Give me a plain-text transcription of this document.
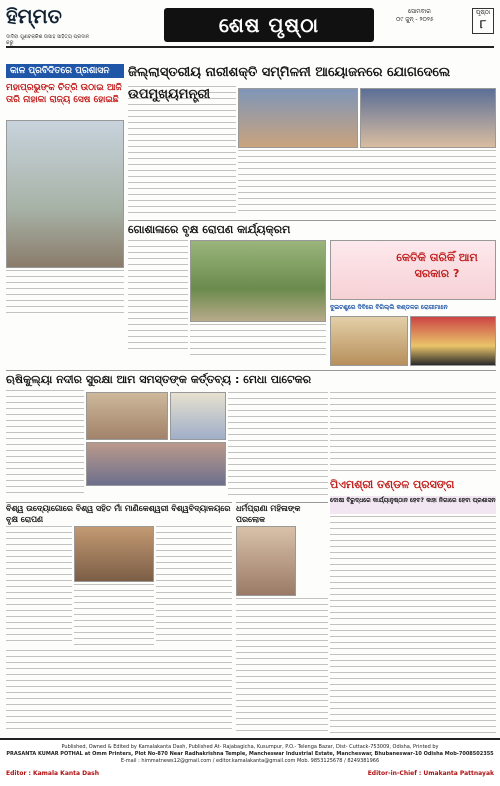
ହିମ୍ମତ
ଦାଦିବା ଗୁଣବକ୍କିଶ ଉସାହ ସାହିତ୍ୟ ପ୍ରଦାନ କରୁ
ଶେଷ ପୃଷ୍ଠା
ସୋମବାର
୦୯ ଜୁନ୍ - ୨୦୨୫
ପୃଷ୍ଠା
୮
କାଳ ପ୍ରବିଦିତରେ ପ୍ରଶାସନ
ମହାପ୍ରଭୁଙ୍କ ଚିତ୍ରି ଉଠାଇ ଆଜି ତାରି ନାହାକା ରାଜ୍ୟ ସେଷ ହୋଇଛି
ଜିଲ୍ଲାସ୍ତରୀୟ ନାରୀଶକ୍ତି ସମ୍ମିଳନୀ ଆୟୋଜନରେ ଯୋଗଦେଲେ ଉପମୁଖ୍ୟମନ୍ତ୍ରୀ
ଗୋଶାଳାରେ ବୃକ୍ଷ ରୋପଣ କାର୍ଯ୍ୟକ୍ରମ
କେତିକି ତାରିକିଁ ଆମ ସରକାର ?
ଦୁଇଟଣ୍ଡ୍ରେ ଦିବିରେ ବିଗିଲ୍ଲି କଣ୍ଡଳର ରୋଗୀମାନେ
ଋଷିକୁଲ୍ୟା ନଦୀର ସୁରକ୍ଷା ଆମ ସମସ୍ତଙ୍କ କର୍ତ୍ତବ୍ୟ : ମେଧା ପାଟେକର
ପିଏମଶ୍ରୀ ତଣ୍ଡଳ ପ୍ରସଙ୍ଗ
ଦୋଷୀ ବିରୁଦ୍ଧରେ କାର୍ଯ୍ୟାନୁଷ୍ଠାନ ହେବ? କାହା ନିଗାରେ ହେବା ପ୍ରଶାସନ
ବିଶ୍ୱ ଉଦ୍ୟୋଗୋରେ ବିଶ୍ୱ ସହିତ ମାଁ ମାଣିକେଶ୍ୱରୀ ବିଶ୍ୱବିଦ୍ୟାଳୟରେ ବୃକ୍ଷ ରୋପଣ
ଧର୍ମପ୍ରାଣା ମହିଳାଙ୍କ ପରଲୋକ
Published, Owned & Edited by Kamalakanta Dash, Published At- Rajabagicha, Kusumpur, P.O.- Telenga Bazar, Dist- Cuttack-753009, Odisha, Printed by
PRASANTA KUMAR POTHAL at Omm Printers, Plot No-870 Near Radhakrishna Temple, Mancheswar Industrial Estate, Mancheswar, Bhubaneswar-10 Odisha Mob-7008502355
E-mail : himmatnews12@gmail.com / editor.kamalakanta@gmail.com Mob. 9853125678 / 8249381966
Editor : Kamala Kanta Dash	Editor-in-Chief : Umakanta Pattnayak
